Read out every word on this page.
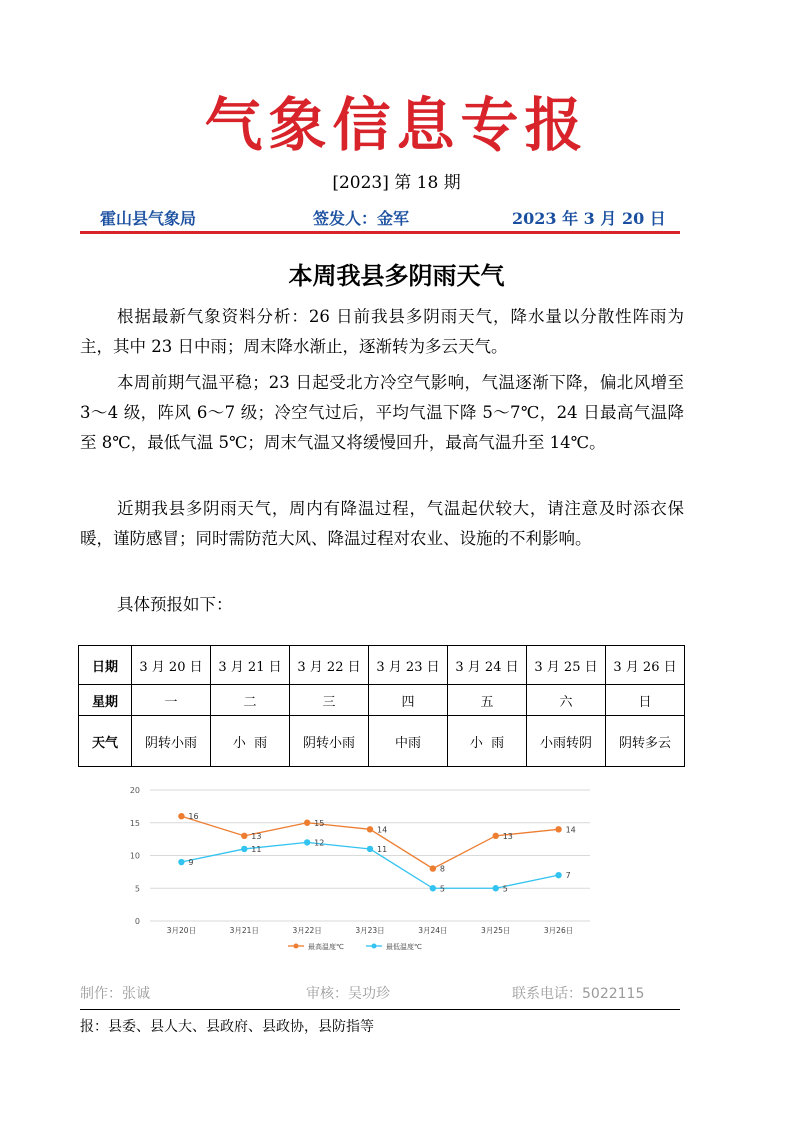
气象信息专报
[2023] 第 18 期
霍山县气象局	签发人：金军	2023 年 3 月 20 日
本周我县多阴雨天气

根据最新气象资料分析：26 日前我县多阴雨天气，降水量以分散性阵雨为主，其中 23 日中雨；周末降水渐止，逐渐转为多云天气。

本周前期气温平稳；23 日起受北方冷空气影响，气温逐渐下降，偏北风增至 3～4 级，阵风 6～7 级；冷空气过后，平均气温下降 5～7℃，24 日最高气温降至 8℃，最低气温 5℃；周末气温又将缓慢回升，最高气温升至 14℃。

近期我县多阴雨天气，周内有降温过程，气温起伏较大，请注意及时添衣保暖，谨防感冒；同时需防范大风、降温过程对农业、设施的不利影响。

具体预报如下：

日期	3 月 20 日	3 月 21 日	3 月 22 日	3 月 23 日	3 月 24 日	3 月 25 日	3 月 26 日
星期	一	二	三	四	五	六	日
天气	阴转小雨	小  雨	阴转小雨	中雨	小  雨	小雨转阴	阴转多云
0
5
10
15
20
3月20日	3月21日	3月22日	3月23日	3月24日	3月25日	3月26日
16
13
15
14
8
13
14
9
11
12
11
5	5
7
最高温度℃	最低温度℃
制作：张诚	审核：吴功珍	联系电话：5022115
报：县委、县人大、县政府、县政协，县防指等
